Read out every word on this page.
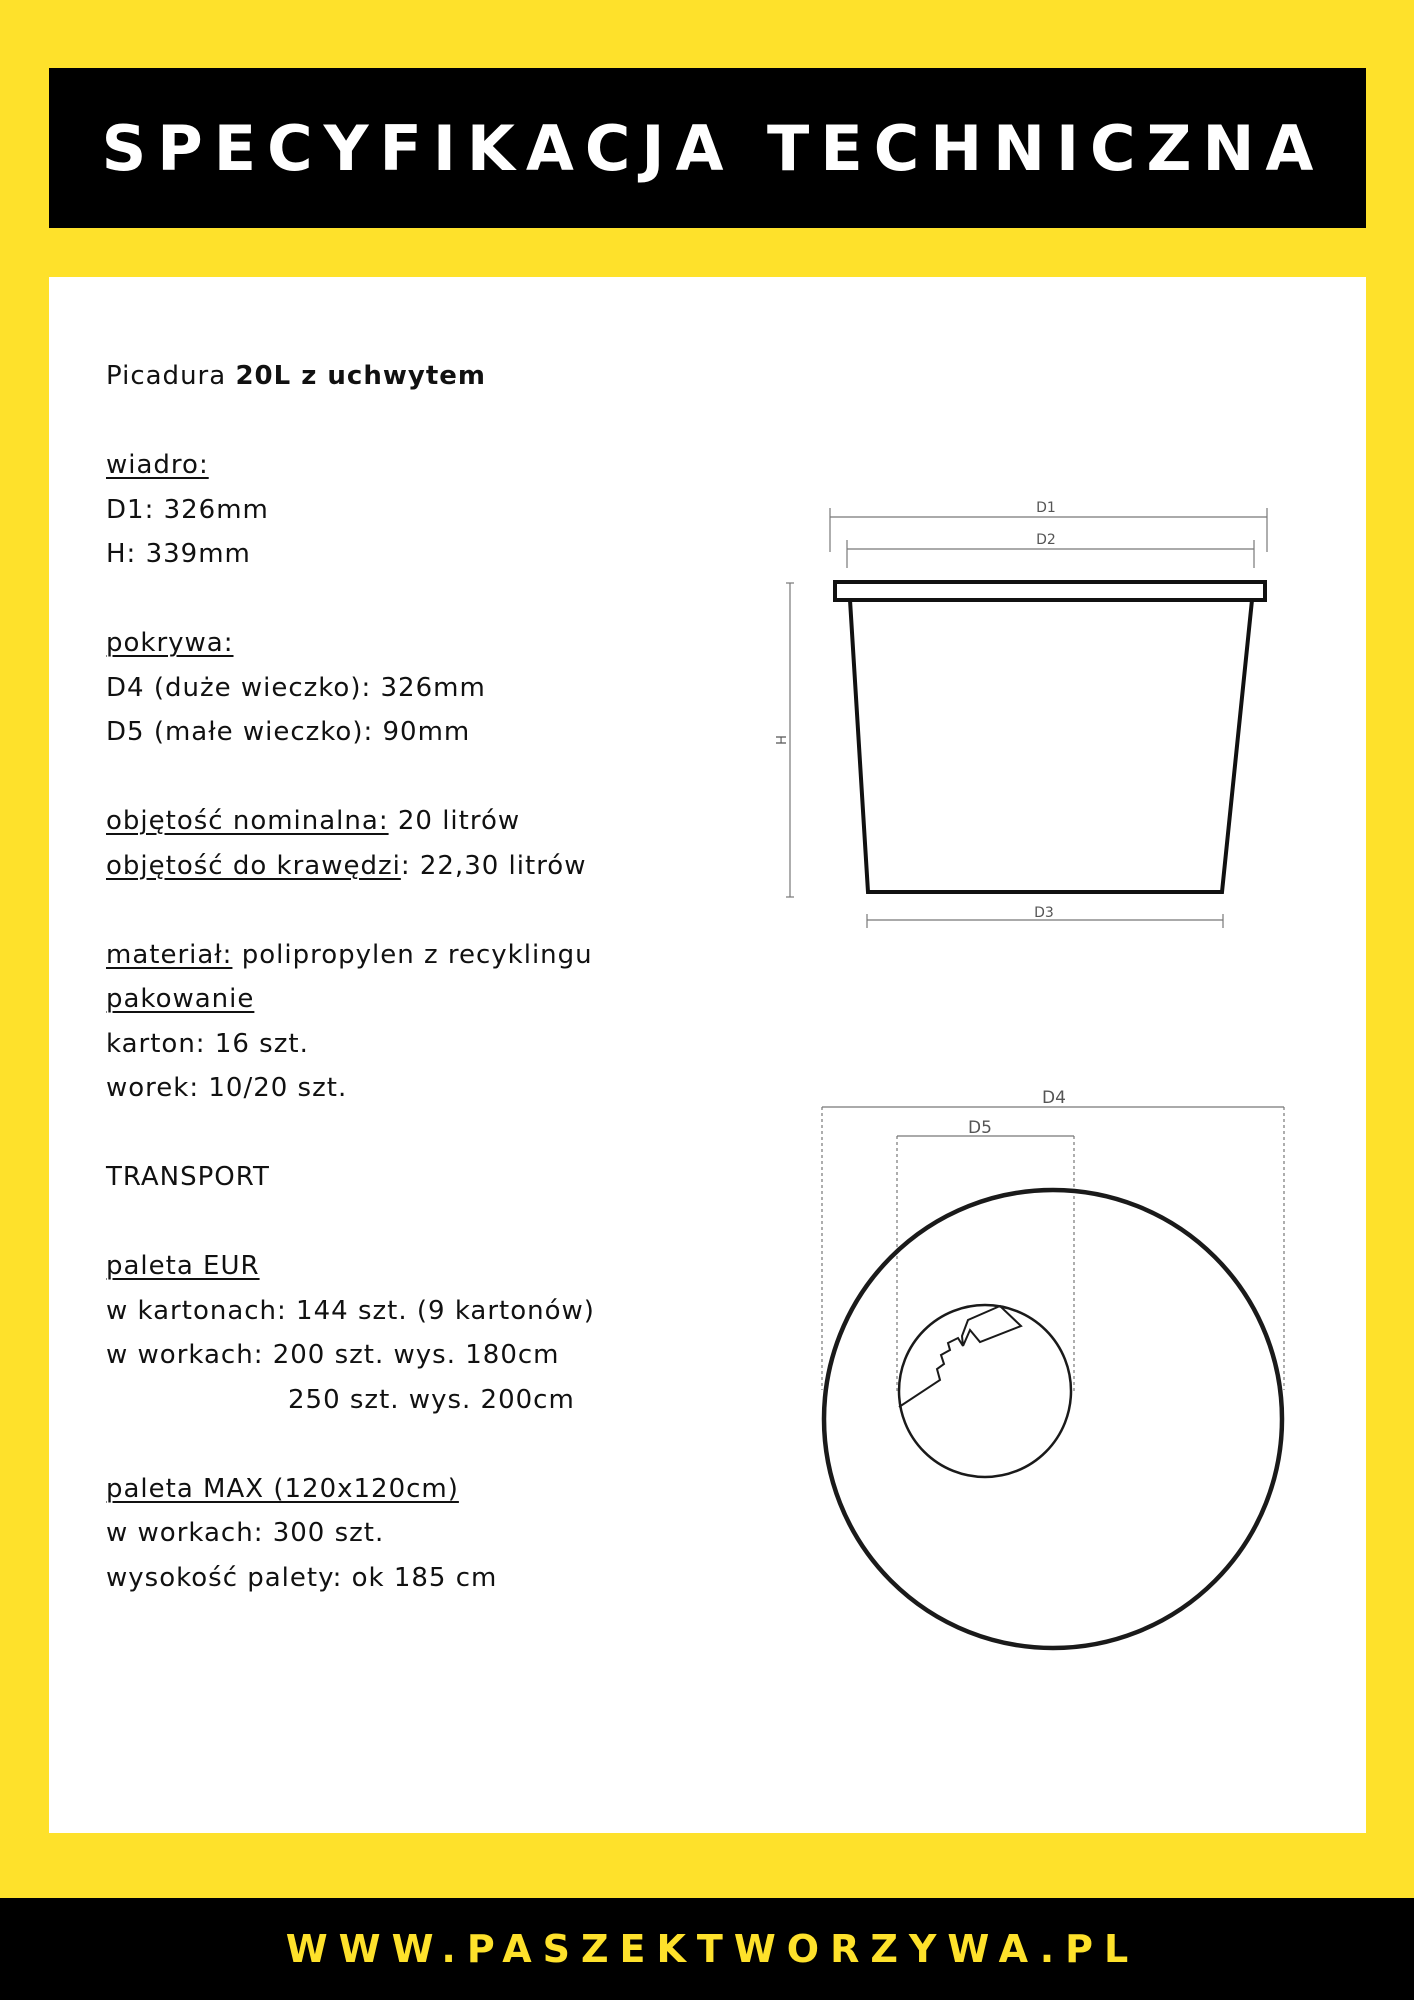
SPECYFIKACJA TECHNICZNA
Picadura 20L z uchwytem
wiadro:
D1: 326mm
H: 339mm
pokrywa:
D4 (duże wieczko): 326mm
D5 (małe wieczko): 90mm
objętość nominalna: 20 litrów
objętość do krawędzi: 22,30 litrów
materiał: polipropylen z recyklingu
pakowanie
karton: 16 szt.
worek: 10/20 szt.
TRANSPORT
paleta EUR
w kartonach: 144 szt. (9 kartonów)
w workach: 200 szt. wys. 180cm
250 szt. wys. 200cm
paleta MAX (120x120cm)
w workach: 300 szt.
wysokość palety: ok 185 cm
D1
D2
H
D3
D4
D5
WWW.PASZEKTWORZYWA.PL
